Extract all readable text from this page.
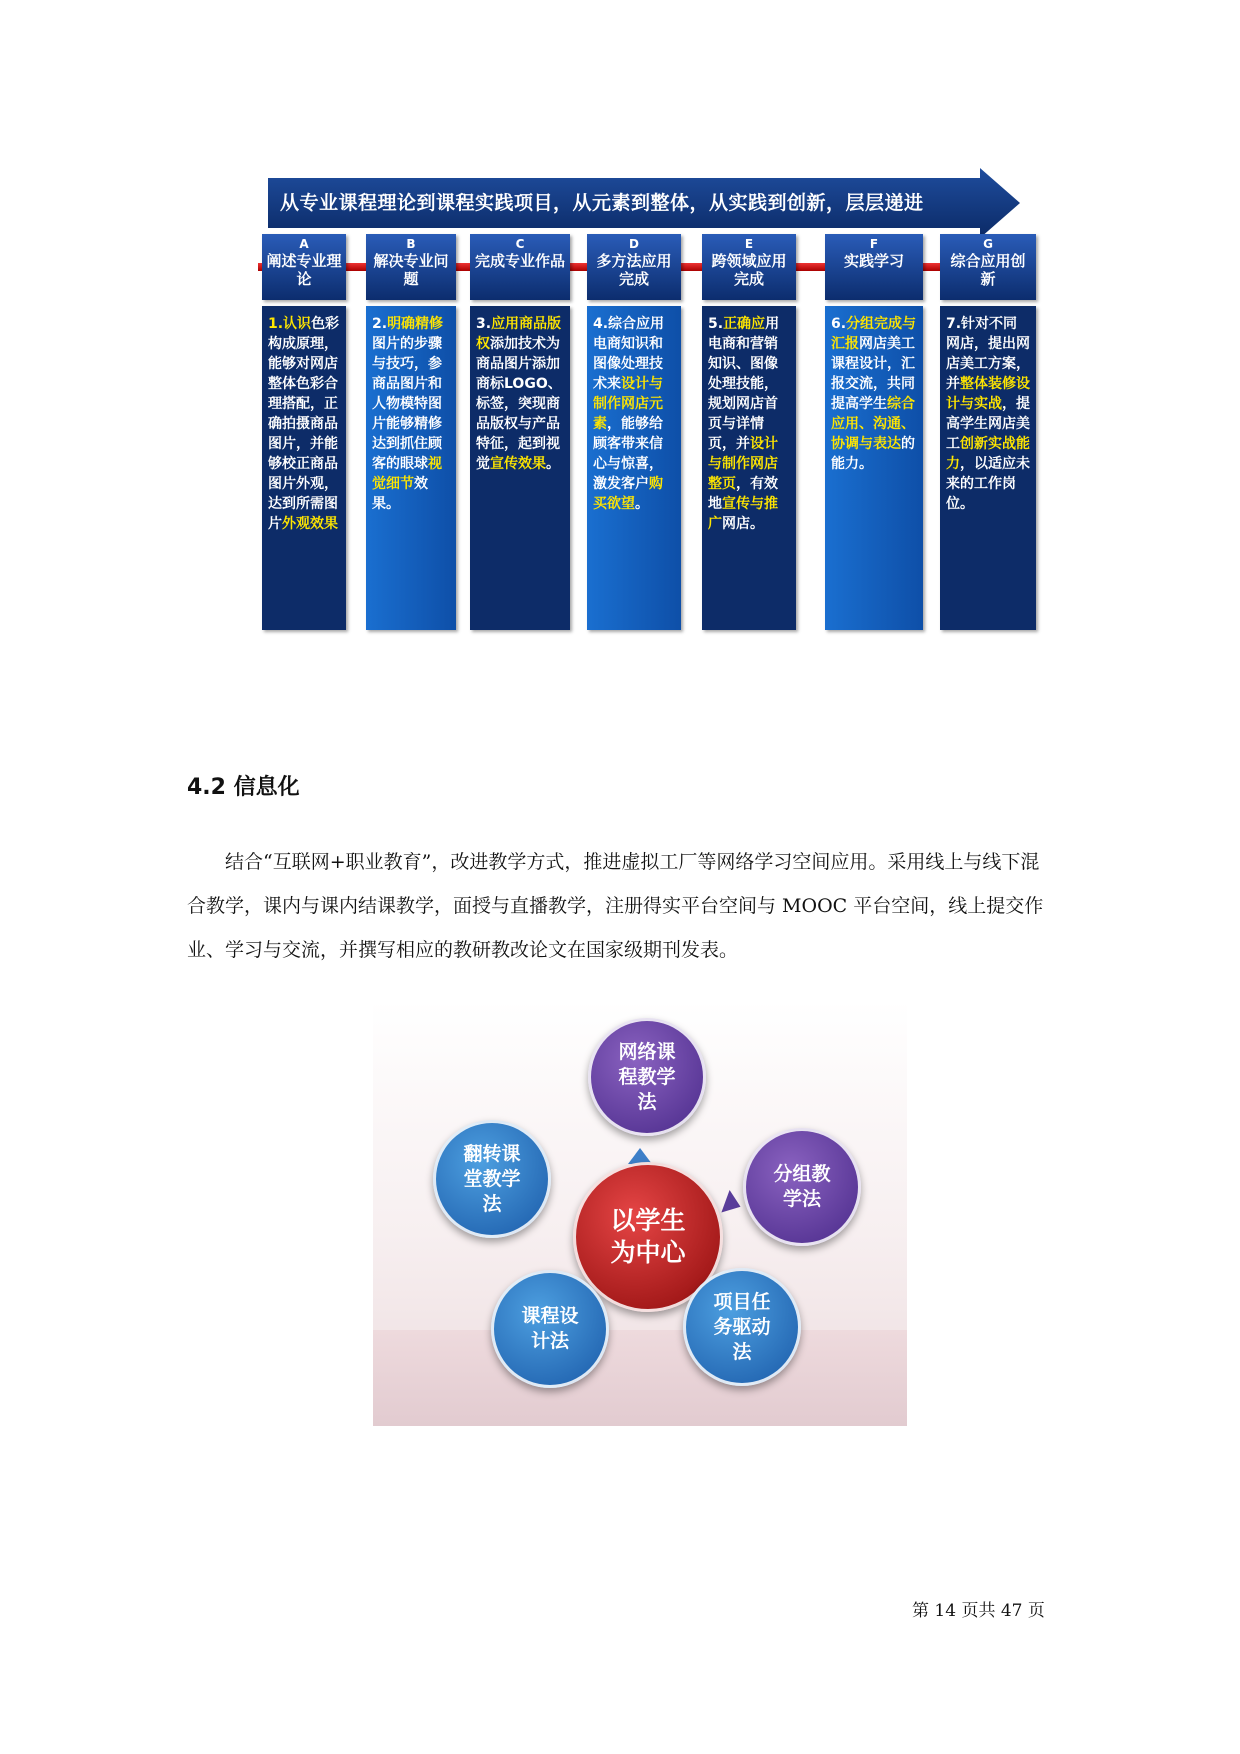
从专业课程理论到课程实践项目，从元素到整体，从实践到创新，层层递进
A
阐述专业理论
1.认识色彩构成原理，能够对网店整体色彩合理搭配，正确拍摄商品图片，并能够校正商品图片外观，达到所需图片外观效果
B
解决专业问题
2.明确精修图片的步骤与技巧，参商品图片和人物模特图片能够精修达到抓住顾客的眼球视觉细节效果。
C
完成专业作品
3.应用商品版权添加技术为商品图片添加商标LOGO、标签，突现商品版权与产品特征，起到视觉宣传效果。
D
多方法应用完成
4.综合应用电商知识和图像处理技术来设计与制作网店元素，能够给顾客带来信心与惊喜，激发客户购买欲望。
E
跨领域应用完成
5.正确应用电商和营销知识、图像处理技能，规划网店首页与详情页，并设计与制作网店整页，有效地宣传与推广网店。
F
实践学习
6.分组完成与汇报网店美工课程设计，汇报交流，共同提高学生综合应用、沟通、协调与表达的能力。
G
综合应用创新
7.针对不同网店，提出网店美工方案，并整体装修设计与实战，提高学生网店美工创新实战能力，以适应未来的工作岗位。
4.2 信息化

结合“互联网+职业教育”，改进教学方式，推进虚拟工厂等网络学习空间应用。采用线上与线下混合教学，课内与课内结课教学，面授与直播教学，注册得实平台空间与 MOOC 平台空间，线上提交作业、学习与交流，并撰写相应的教研教改论文在国家级期刊发表。

以学生为中心
网络课程教学法
分组教学法
项目任务驱动法
课程设计法
翻转课堂教学法
第 14 页共 47 页
